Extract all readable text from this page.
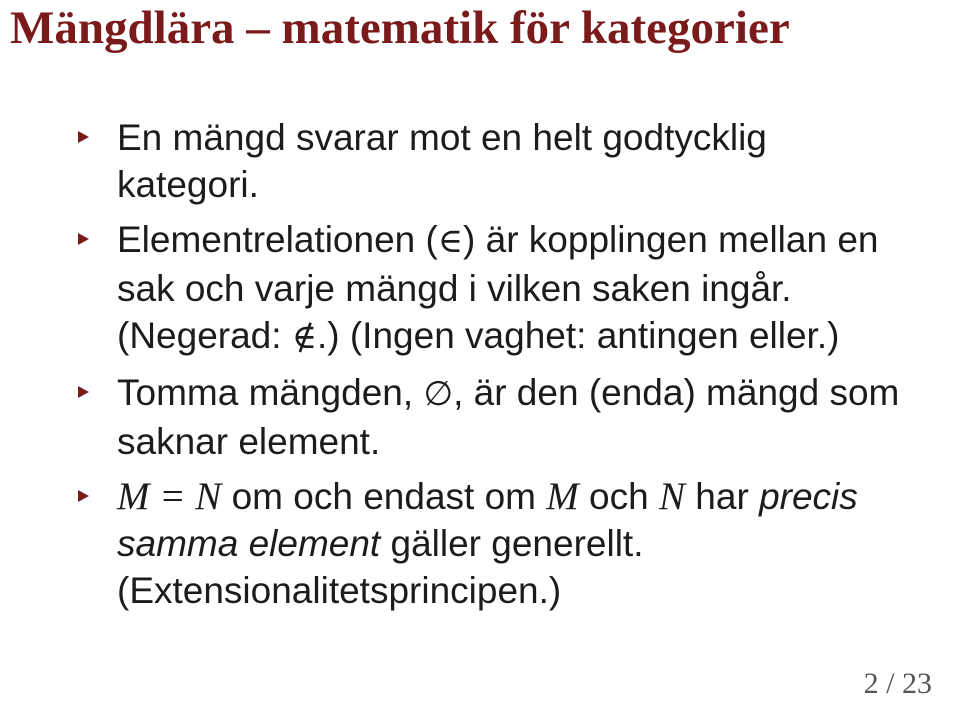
Mängdlära – matematik för kategorier
En mängd svarar mot en helt godtycklig kategori.
Elementrelationen (∈) är kopplingen mellan en sak och varje mängd i vilken saken ingår. (Negerad: ∉.) (Ingen vaghet: antingen eller.)
Tomma mängden, ∅, är den (enda) mängd som saknar element.
M = N om och endast om M och N har precis samma element gäller generellt. (Extensionalitetsprincipen.)
2 / 23
